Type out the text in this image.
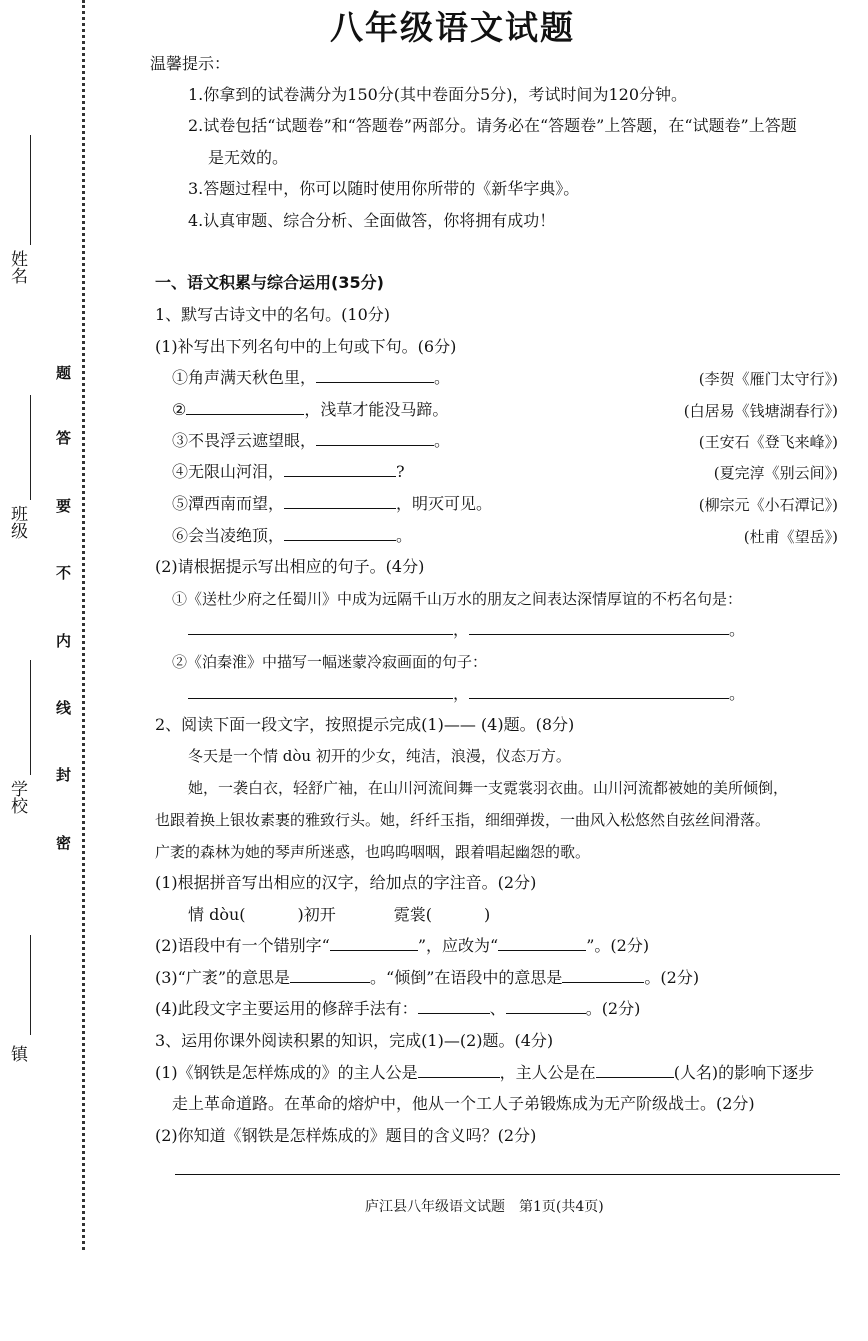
姓名
班级
学校
镇
题
答
要
不
内
线
封
密
八年级语文试题
温馨提示：
1.你拿到的试卷满分为150分(其中卷面分5分)，考试时间为120分钟。
2.试卷包括“试题卷”和“答题卷”两部分。请务必在“答题卷”上答题，在“试题卷”上答题
是无效的。
3.答题过程中，你可以随时使用你所带的《新华字典》。
4.认真审题、综合分析、全面做答，你将拥有成功！
一、语文积累与综合运用(35分)
1、默写古诗文中的名句。(10分)
(1)补写出下列名句中的上句或下句。(6分)
①角声满天秋色里，	。	(李贺《雁门太守行》)
②	，浅草才能没马蹄。	(白居易《钱塘湖春行》)
③不畏浮云遮望眼，	。	(王安石《登飞来峰》)
④无限山河泪，	?	(夏完淳《别云间》)
⑤潭西南而望，	，明灭可见。	(柳宗元《小石潭记》)
⑥会当凌绝顶，	。	(杜甫《望岳》)
(2)请根据提示写出相应的句子。(4分)
①《送杜少府之任蜀川》中成为远隔千山万水的朋友之间表达深情厚谊的不朽名句是：
，	。
②《泊秦淮》中描写一幅迷蒙冷寂画面的句子：
，	。
2、阅读下面一段文字，按照提示完成(1)—— (4)题。(8分)
冬天是一个情 dòu 初开的少女，纯洁，浪漫，仪态万方。
她，一袭白衣，轻舒广袖，在山川河流间舞一支霓裳羽衣曲。山川河流都被她的美所倾倒，
也跟着换上银妆素裹的雅致行头。她，纤纤玉指，细细弹拨，一曲风入松悠然自弦丝间滑落。
广袤的森林为她的琴声所迷惑，也呜呜咽咽，跟着唱起幽怨的歌。
(1)根据拼音写出相应的汉字，给加点的字注音。(2分)
情 dòu(	)初开	霓裳(	)
(2)语段中有一个错别字“	”，应改为“	”。(2分)
(3)“广袤”的意思是	。“倾倒”在语段中的意思是	。(2分)
(4)此段文字主要运用的修辞手法有：	、	。(2分)
3、运用你课外阅读积累的知识，完成(1)—(2)题。(4分)
(1)《钢铁是怎样炼成的》的主人公是	，主人公是在	(人名)的影响下逐步
走上革命道路。在革命的熔炉中，他从一个工人子弟锻炼成为无产阶级战士。(2分)
(2)你知道《钢铁是怎样炼成的》题目的含义吗？(2分)
庐江县八年级语文试题　第1页(共4页)
